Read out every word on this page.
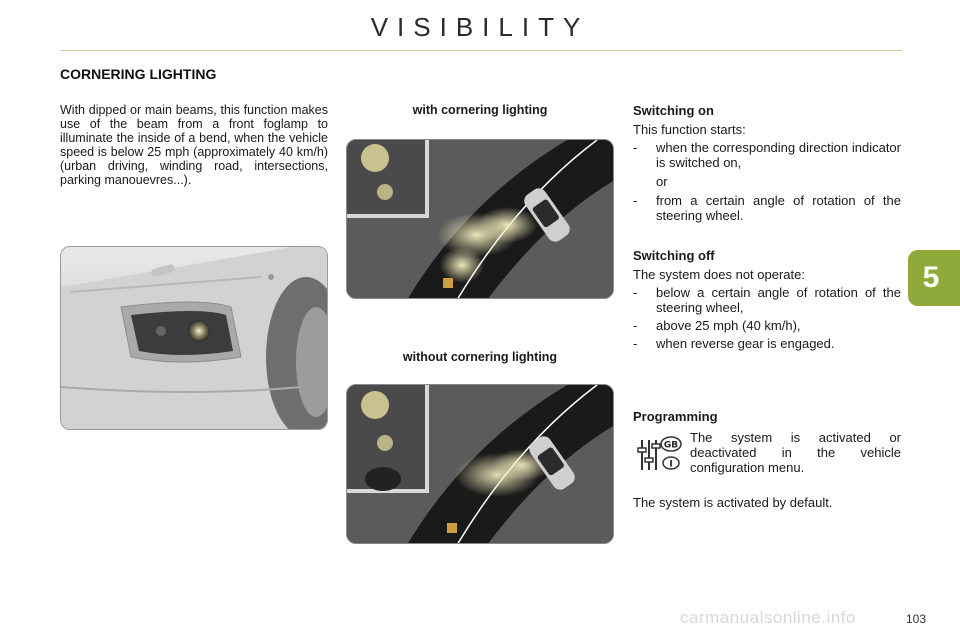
VISIBILITY
CORNERING LIGHTING
With dipped or main beams, this function makes use of the beam from a front foglamp to illuminate the inside of a bend, when the vehicle speed is below 25 mph (approximately 40 km/h) (urban driving, winding road, intersections, parking manouevres...).
with cornering lighting
without cornering lighting
Switching on

This function starts:

- when the corresponding direction indicator is switched on,
or
- from a certain angle of rotation of the steering wheel.
Switching off

The system does not operate:

- below a certain angle of rotation of the steering wheel,
- above 25 mph (40 km/h),
- when reverse gear is engaged.
Programming
GB
I
The system is activated or deactivated in the vehicle configuration menu.
The system is activated by default.
5
carmanualsonline.info	103
